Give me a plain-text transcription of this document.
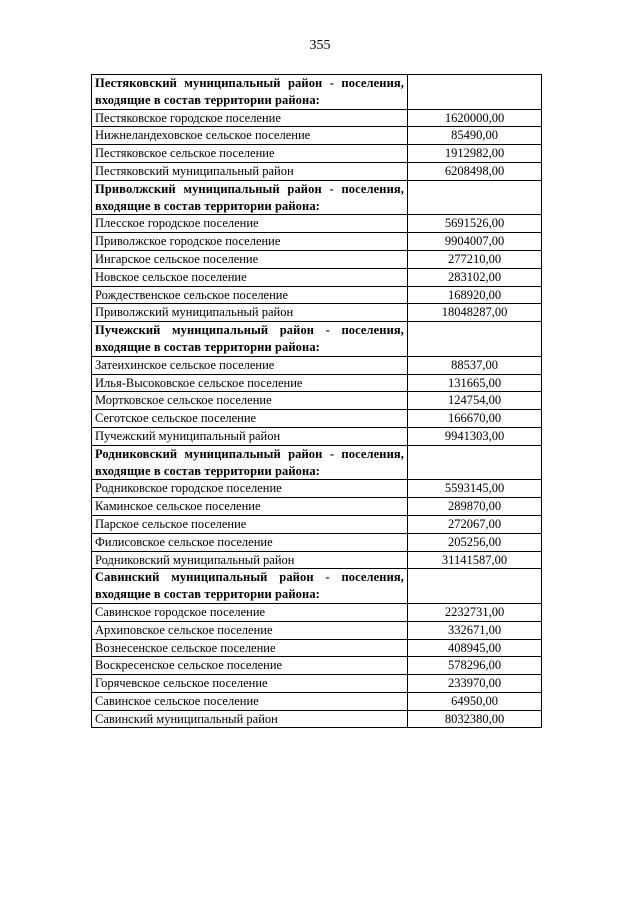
355
Пестяковский муниципальный район - поселения, входящие в состав территории района:	
Пестяковское городское поселение	1620000,00
Нижнеландеховское сельское поселение	85490,00
Пестяковское сельское поселение	1912982,00
Пестяковский муниципальный район	6208498,00
Приволжский муниципальный район - поселения, входящие в состав территории района:	
Плесское городское поселение	5691526,00
Приволжское городское поселение	9904007,00
Ингарское сельское поселение	277210,00
Новское сельское поселение	283102,00
Рождественское сельское поселение	168920,00
Приволжский муниципальный район	18048287,00
Пучежский муниципальный район - поселения, входящие в состав территории района:	
Затеихинское сельское поселение	88537,00
Илья-Высоковское сельское поселение	131665,00
Мортковское сельское поселение	124754,00
Сеготское сельское поселение	166670,00
Пучежский муниципальный район	9941303,00
Родниковский муниципальный район - поселения, входящие в состав территории района:	
Родниковское городское поселение	5593145,00
Каминское сельское поселение	289870,00
Парское сельское поселение	272067,00
Филисовское сельское поселение	205256,00
Родниковский муниципальный район	31141587,00
Савинский муниципальный район - поселения, входящие в состав территории района:	
Савинское городское поселение	2232731,00
Архиповское сельское поселение	332671,00
Вознесенское сельское поселение	408945,00
Воскресенское сельское поселение	578296,00
Горячевское сельское поселение	233970,00
Савинское сельское поселение	64950,00
Савинский муниципальный район	8032380,00
